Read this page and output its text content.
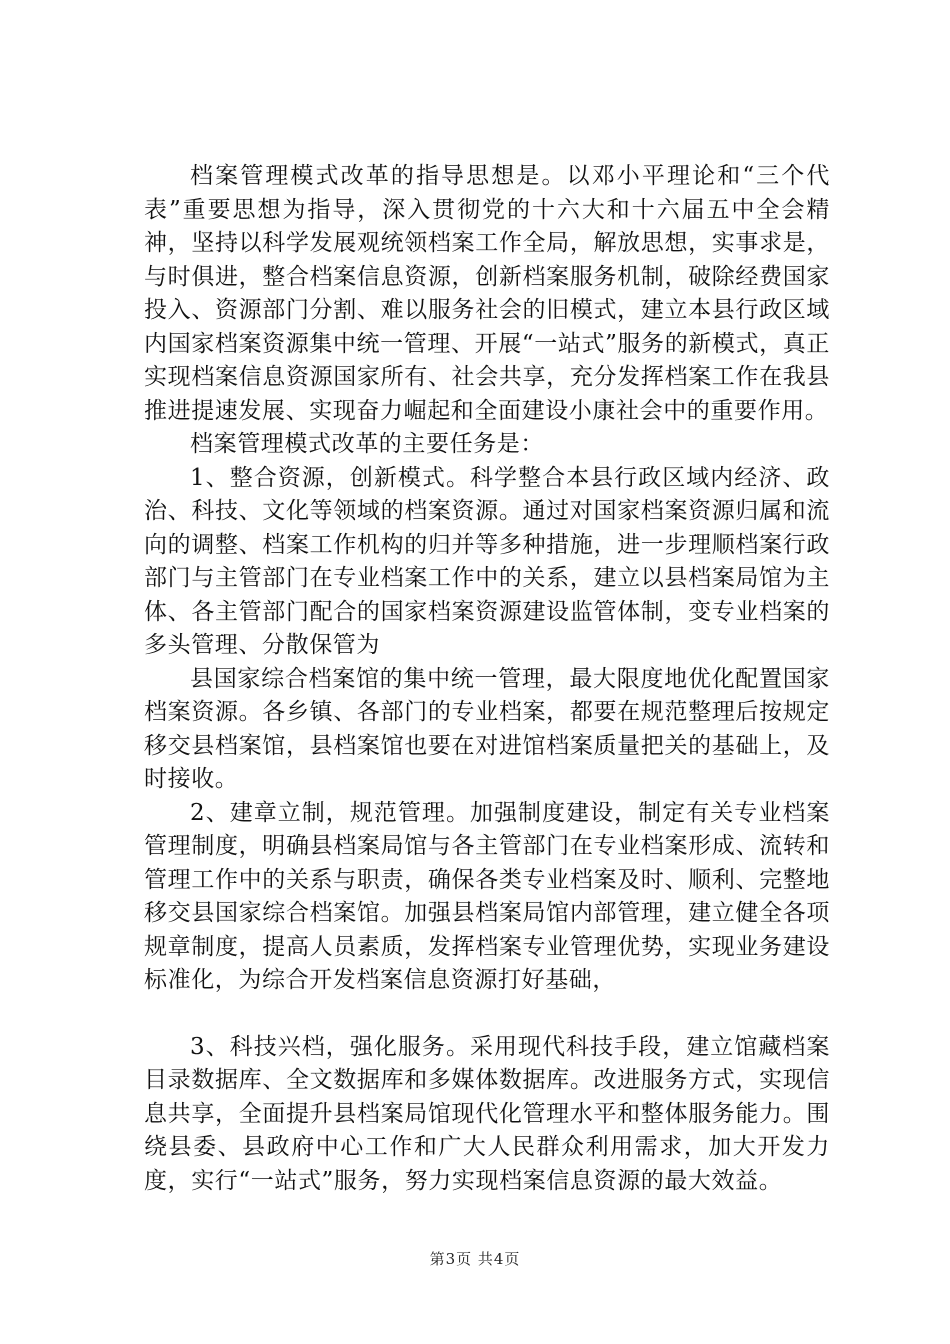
档案管理模式改革的指导思想是。以邓小平理论和“三个代表”重要思想为指导，深入贯彻党的十六大和十六届五中全会精神，坚持以科学发展观统领档案工作全局，解放思想，实事求是，与时俱进，整合档案信息资源，创新档案服务机制，破除经费国家投入、资源部门分割、难以服务社会的旧模式，建立本县行政区域内国家档案资源集中统一管理、开展“一站式”服务的新模式，真正实现档案信息资源国家所有、社会共享，充分发挥档案工作在我县推进提速发展、实现奋力崛起和全面建设小康社会中的重要作用。

档案管理模式改革的主要任务是：

1、整合资源，创新模式。科学整合本县行政区域内经济、政治、科技、文化等领域的档案资源。通过对国家档案资源归属和流向的调整、档案工作机构的归并等多种措施，进一步理顺档案行政部门与主管部门在专业档案工作中的关系，建立以县档案局馆为主体、各主管部门配合的国家档案资源建设监管体制，变专业档案的多头管理、分散保管为

县国家综合档案馆的集中统一管理，最大限度地优化配置国家档案资源。各乡镇、各部门的专业档案，都要在规范整理后按规定移交县档案馆，县档案馆也要在对进馆档案质量把关的基础上，及时接收。

2、建章立制，规范管理。加强制度建设，制定有关专业档案管理制度，明确县档案局馆与各主管部门在专业档案形成、流转和管理工作中的关系与职责，确保各类专业档案及时、顺利、完整地移交县国家综合档案馆。加强县档案局馆内部管理，建立健全各项规章制度，提高人员素质，发挥档案专业管理优势，实现业务建设标准化，为综合开发档案信息资源打好基础，

3、科技兴档，强化服务。采用现代科技手段，建立馆藏档案目录数据库、全文数据库和多媒体数据库。改进服务方式，实现信息共享，全面提升县档案局馆现代化管理水平和整体服务能力。围绕县委、县政府中心工作和广大人民群众利用需求，加大开发力度，实行“一站式”服务，努力实现档案信息资源的最大效益。

第3页 共4页
